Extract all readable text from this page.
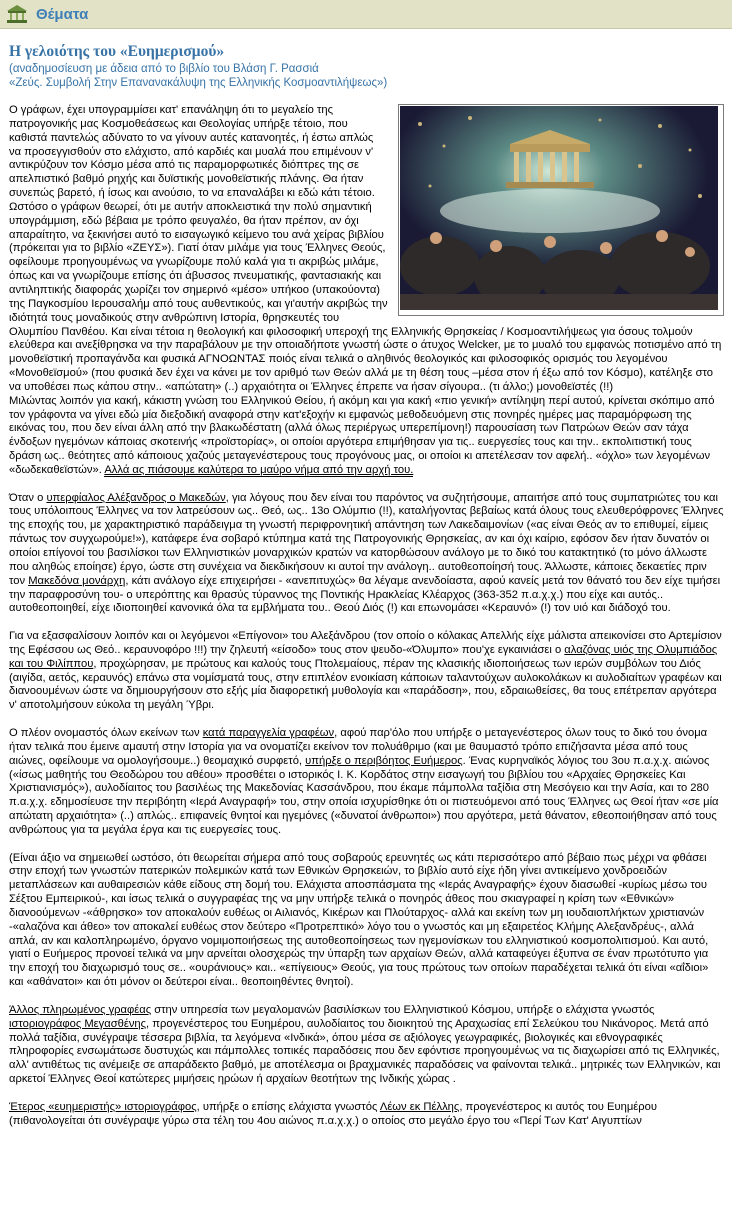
Θέματα
Η γελοιότης του «Ευημερισμού»
(αναδημοσίευση με άδεια από το βιβλίο του Βλάση Γ. Ρασσιά
«Ζεύς. Συμβολή Στην Επανανακάλυψη της Ελληνικής Κοσμοαντιλήψεως»)

Ο γράφων, έχει υπογραμμίσει κατ' επανάληψη ότι το μεγαλείο της πατρογονικής μας Κοσμοθεάσεως και Θεολογίας υπήρξε τέτοιο, που καθιστά παντελώς αδύνατο το να γίνουν αυτές κατανοητές, ή έστω απλώς να προσεγγισθούν στο ελάχιστο, από καρδιές και μυαλά που επιμένουν ν' αντικρύζουν τον Κόσμο μέσα από τις παραμορφωτικές διόπτρες της σε απελπιστικό βαθμό ρηχής και δυϊστικής μονοθεϊστικής πλάνης. Θα ήταν συνεπώς βαρετό, ή ίσως και ανούσιο, το να επαναλάβει κι εδώ κάτι τέτοιο. Ωστόσο ο γράφων θεωρεί, ότι με αυτήν αποκλειστικά την πολύ σημαντική υπογράμμιση, εδώ βέβαια με τρόπο φευγαλέο, θα ήταν πρέπον, αν όχι απαραίτητο, να ξεκινήσει αυτό το εισαγωγικό κείμενο του ανά χείρας βιβλίου (πρόκειται για το βιβλίο «ΖΕΥΣ»). Γιατί όταν μιλάμε για τους Έλληνες Θεούς, οφείλουμε προηγουμένως να γνωρίζουμε πολύ καλά για τι ακριβώς μιλάμε, όπως και να γνωρίζουμε επίσης ότι άβυσσος πνευματικής, φαντασιακής και αντιληπτικής διαφοράς χωρίζει τον σημερινό «μέσο» υπήκοο (υπακούοντα) της Παγκοσμίου Ιερουσαλήμ από τους αυθεντικούς, και γι'αυτήν ακριβώς την ιδιότητά τους μοναδικούς στην ανθρώπινη Ιστορία, θρησκευτές του Ολυμπίου Πανθέου. Και είναι τέτοια η θεολογική και φιλοσοφική υπεροχή της Ελληνικής Θρησκείας / Κοσμοαντιλήψεως για όσους τολμούν ελεύθερα και ανεξίθρησκα να την παραβάλουν με την οποιαδήποτε γνωστή ώστε ο άτυχος Welcker, με το μυαλό του εμφανώς ποτισμένο από τη μονοθεϊστική προπαγάνδα και φυσικά ΑΓΝΟΩΝΤΑΣ ποιός είναι τελικά ο αληθινός θεολογικός και φιλοσοφικός ορισμός του λεγομένου «Μονοθεϊσμού» (που φυσικά δεν έχει να κάνει με τον αριθμό των Θεών αλλά με τη θέση τους –μέσα στον ή έξω από τον Κόσμο), κατέληξε στο να υποθέσει πως κάπου στην.. «απώτατη» (..) αρχαιότητα οι Έλληνες έπρεπε να ήσαν σίγουρα.. (τι άλλο;) μονοθεϊστές (!!)
Μιλώντας λοιπόν για κακή, κάκιστη γνώση του Ελληνικού Θείου, ή ακόμη και για κακή «πιο γενική» αντίληψη περί αυτού, κρίνεται σκόπιμο από τον γράφοντα να γίνει εδώ μία διεξοδική αναφορά στην κατ'εξοχήν κι εμφανώς μεθοδευόμενη στις πονηρές ημέρες μας παραμόρφωση της εικόνας του, που δεν είναι άλλη από την βλακωδέστατη (αλλά όλως περιέργως υπερεπίμονη!) παρουσίαση των Πατρώων Θεών σαν τάχα ένδοξων ηγεμόνων κάποιας σκοτεινής «προϊστορίας», οι οποίοι αργότερα επιμήθησαν για τις.. ευεργεσίες τους και την.. εκπολιτιστική τους δράση ως.. θεότητες από κάποιους χαζούς μεταγενέστερους τους προγόνους μας, οι οποίοι κι απετέλεσαν τον αφελή.. «όχλο» των λεγομένων «δωδεκαθεϊστών». Αλλά ας πιάσουμε καλύτερα το μαύρο νήμα από την αρχή του.

Όταν ο υπερφίαλος Αλέξανδρος ο Μακεδών, για λόγους που δεν είναι του παρόντος να συζητήσουμε, απαιτήσε από τους συμπατριώτες του και τους υπόλοιπους Έλληνες να τον λατρεύσουν ως.. Θεό, ως.. 13ο Ολύμπιο (!!), καταλήγοντας βεβαίως κατά όλους τους ελευθερόφρονες Έλληνες της εποχής του, με χαρακτηριστικό παράδειγμα τη γνωστή περιφρονητική απάντηση των Λακεδαιμονίων («ας είναι Θεός αν το επιθυμεί, είμεις πάντως τον συγχωρούμε!»), κατάφερε ένα σοβαρό κτύπημα κατά της Πατρογονικής Θρησκείας, αν και όχι καίριο, εφόσον δεν ήταν δυνατόν οι οποίοι επίγονοί του βασιλίσκοι των Ελληνιστικών μοναρχικών κρατών να κατορθώσουν ανάλογο με το δικό του κατακτητικό (το μόνο άλλωστε που αληθώς εποίησε) έργο, ώστε στη συνέχεια να διεκδικήσουν κι αυτοί την ανάλογη.. αυτοθεοποίησή τους. Άλλωστε, κάποιες δεκαετίες πριν τον Μακεδόνα μονάρχη, κάτι ανάλογο είχε επιχειρήσει - «ανεπιτυχώς» θα λέγαμε ανενδοίαστα, αφού κανείς μετά τον θάνατό του δεν είχε τιμήσει την παραφροσύνη του- ο υπερόπτης και θρασύς τύραννος της Ποντικής Ηρακλείας Κλέαρχος (363-352 π.α.χ.χ.) που είχε και αυτός.. αυτοθεοποιηθεί, είχε ιδιοποιηθεί κανονικά όλα τα εμβλήματα του.. Θεού Διός (!) και επωνομάσει «Κεραυνό» (!) τον υιό και διάδοχό του.

Για να εξασφαλίσουν λοιπόν και οι λεγόμενοι «Επίγονοι» του Αλεξάνδρου (τον οποίο ο κόλακας Απελλής είχε μάλιστα απεικονίσει στο Αρτεμίσιον της Εφέσσου ως Θεό.. κεραυνοφόρο !!!) την ζηλευτή «είσοδο» τους στον ψευδο-«Όλυμπο» που'χε εγκαινιάσει ο αλαζόνας υιός της Ολυμπιάδος και του Φιλίππου, προχώρησαν, με πρώτους και καλούς τους Πτολεμαίους, πέραν της κλασικής ιδιοποιήσεως των ιερών συμβόλων του Διός (αιγίδα, αετός, κεραυνός) επάνω στα νομίσματά τους, στην επιπλέον ενοικίαση κάποιων ταλαντούχων αυλοκολάκων κι αυλοδιαίτων γραφέων και διανοουμένων ώστε να δημιουργήσουν στο εξής μία διαφορετική μυθολογία και «παράδοση», που, εδραιωθείσες, θα τους επέτρεπαν αργότερα ν' αποτολμήσουν εύκολα τη μεγάλη Ύβρι.

Ο πλέον ονομαστός όλων εκείνων των κατά παραγγελία γραφέων, αφού παρ'όλο που υπήρξε ο μεταγενέστερος όλων τους το δικό του όνομα ήταν τελικά που έμεινε αμαυτή στην Ιστορία για να ονοματίζει εκείνον τον πολυάθριμο (και με θαυμαστό τρόπο επιζήσαντα μέσα από τους αιώνες, οφείλουμε να ομολογήσουμε..) θεομαχικό συρφετό, υπήρξε ο περιβόητος Ευήμερος. Ένας κυρηναϊκός λόγιος του 3ου π.α.χ.χ. αιώνος («ίσως μαθητής του Θεοδώρου του αθέου» προσθέτει ο ιστορικός Ι. Κ. Κορδάτος στην εισαγωγή του βιβλίου του «Αρχαίες Θρησκείες Και Χριστιανισμός»), αυλοδίαιτος του βασιλέως της Μακεδονίας Κασσάνδρου, που έκαμε πάμπολλα ταξίδια στη Μεσόγειο και την Ασία, και το 280 π.α.χ.χ. εδημοσίευσε την περιβόητη «Ιερά Αναγραφή» του, στην οποία ισχυρίσθηκε ότι οι πιστευόμενοι από τους Έλληνες ως Θεοί ήταν «σε μία απώτατη αρχαιότητα» (..) απλώς.. επιφανείς θνητοί και ηγεμόνες («δυνατοί άνθρωποι») που αργότερα, μετά θάνατον, εθεοποιήθησαν από τους ανθρώπους για τα μεγάλα έργα και τις ευεργεσίες τους.

(Είναι άξιο να σημειωθεί ωστόσο, ότι θεωρείται σήμερα από τους σοβαρούς ερευνητές ως κάτι περισσότερο από βέβαιο πως μέχρι να φθάσει στην εποχή των γνωστών πατερικών πολεμικών κατά των Εθνικών Θρησκειών, το βιβλίο αυτό είχε ήδη γίνει αντικείμενο χονδροειδών μεταπλάσεων και αυθαιρεσιών κάθε είδους στη δομή του. Ελάχιστα αποσπάσματα της «Ιεράς Αναγραφής» έχουν διασωθεί -κυρίως μέσω του Σέξτου Εμπειρικού-, και ίσως τελικά ο συγγραφέας της να μην υπήρξε τελικά ο πονηρός άθεος που σκιαγραφεί η κρίση των «Εθνικών» διανοούμενων -«άθρησκο» τον αποκαλούν ευθέως οι Αιλιανός, Κικέρων και Πλούταρχος- αλλά και εκείνη των μη ιουδαιοπλήκτων χριστιανών -«αλαζόνα και άθεο» τον αποκαλεί ευθέως στον δεύτερο «Προτρεπτικό» λόγο του ο γνωστός και μη εξαιρετέος Κλήμης Αλεξανδρέυς-, αλλά απλά, αν και καλοπληρωμένο, όργανο νομιμοποιήσεως της αυτοθεοποίησεως των ηγεμονίσκων του ελληνιστικού κοσμοπολιτισμού. Και αυτό, γιατί ο Ευήμερος προνοεί τελικά να μην αρνείται ολοσχερώς την ύπαρξη των αρχαίων Θεών, αλλά καταφεύγει έξυπνα σε έναν πρωτότυπο για την εποχή του διαχωρισμό τους σε.. «ουράνιους» και.. «επίγειους» Θεούς, για τους πρώτους των οποίων παραδέχεται τελικά ότι είναι «αΐδιοι» και «αθάνατοι» και ότι μόνον οι δεύτεροι είναι.. θεοποιηθέντες θνητοί).

Άλλος πληρωμένος γραφέας στην υπηρεσία των μεγαλομανών βασιλίσκων του Ελληνιστικού Κόσμου, υπήρξε ο ελάχιστα γνωστός ιστοριογράφος Μεγασθένης, προγενέστερος του Ευημέρου, αυλοδίαιτος του διοικητού της Αραχωσίας επί Σελεύκου του Νικάνορος. Μετά από πολλά ταξίδια, συνέγραψε τέσσερα βιβλία, τα λεγόμενα «Ινδικά», όπου μέσα σε αξιόλογες γεωγραφικές, βιολογικές και εθνογραφικές πληροφορίες ενσωμάτωσε δυστυχώς και πάμπολλες τοπικές παραδόσεις που δεν εφόντισε προηγουμένως να τις διαχωρίσει από τις Ελληνικές, αλλ' αντιθέτως τις ανέμειξε σε απαράδεκτο βαθμό, με αποτέλεσμα οι βραχμανικές παραδόσεις να φαίνονται τελικά.. μητρικές των Ελληνικών, και αρκετοί Έλληνες Θεοί κατώτερες μιμήσεις ηρώων ή αρχαίων θεοτήτων της Ινδικής χώρας .

Έτερος «ευημεριστής» ιστοριογράφος, υπήρξε ο επίσης ελάχιστα γνωστός Λέων εκ Πέλλης, προγενέστερος κι αυτός του Ευημέρου (πιθανολογείται ότι συνέγραψε γύρω στα τέλη του 4ου αιώνος π.α.χ.χ.) ο οποίος στο μεγάλο έργο του «Περί Των Κατ' Αιγυπτίων
